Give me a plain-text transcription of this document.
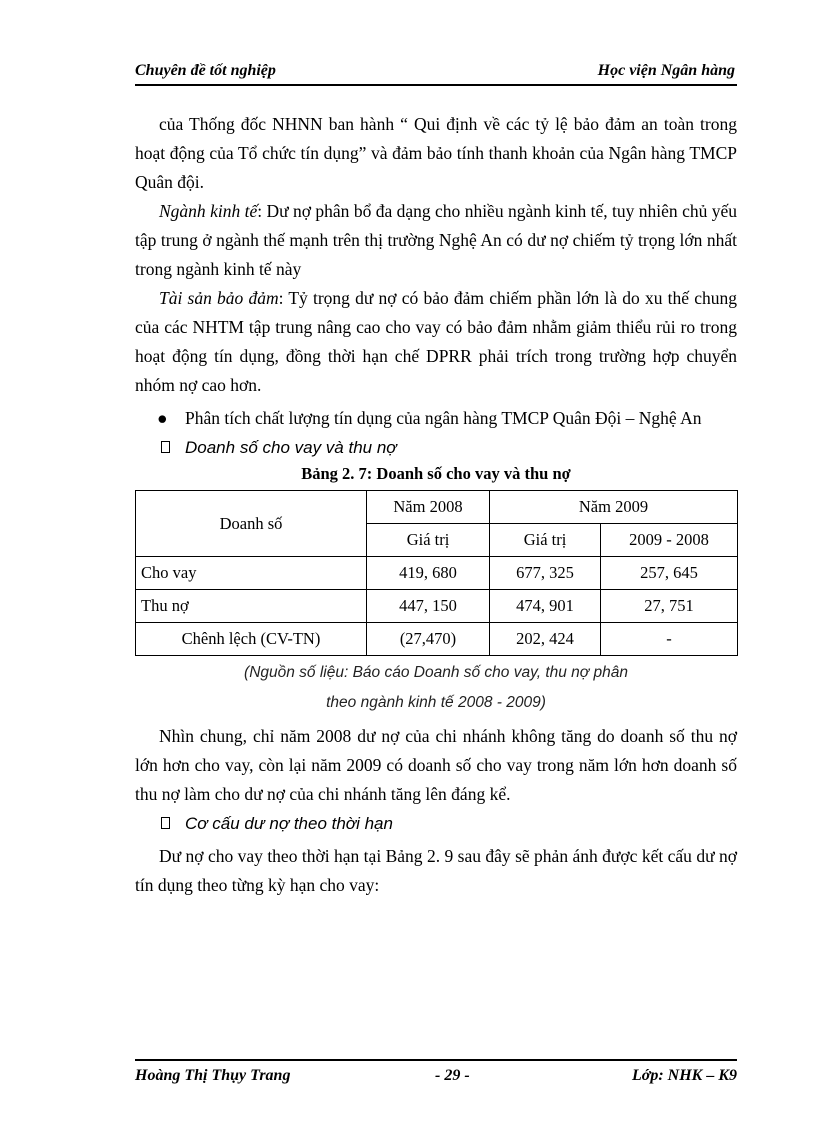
Chuyên đề tốt nghiệp	Học viện Ngân hàng

của Thống đốc NHNN ban hành “ Qui định về các tỷ lệ bảo đảm an toàn trong hoạt động của Tổ chức tín dụng” và đảm bảo tính thanh khoản của Ngân hàng TMCP Quân đội.

Ngành kinh tế: Dư nợ phân bổ đa dạng cho nhiều ngành kinh tế, tuy nhiên chủ yếu tập trung ở ngành thế mạnh trên thị trường Nghệ An có dư nợ chiếm tỷ trọng lớn nhất trong ngành kinh tế này

Tài sản bảo đảm: Tỷ trọng dư nợ có bảo đảm chiếm phần lớn là do xu thế chung của các NHTM tập trung nâng cao cho vay có bảo đảm nhằm giảm thiểu rủi ro trong hoạt động tín dụng, đồng thời hạn chế DPRR phải trích trong trường hợp chuyển nhóm nợ cao hơn.

● Phân tích chất lượng tín dụng của ngân hàng TMCP Quân Đội – Nghệ An

Doanh số cho vay và thu nợ

Bảng 2. 7: Doanh số cho vay và thu nợ

Doanh số	Năm 2008	Năm 2009	
	Giá trị	Giá trị	2009 - 2008
Cho vay	419, 680	677, 325	257, 645
Thu nợ	447, 150	474, 901	27, 751
Chênh lệch (CV-TN)	(27,470)	202, 424	-

(Nguồn số liệu: Báo cáo Doanh số cho vay, thu nợ phân

theo ngành kinh tế 2008 - 2009)

Nhìn chung, chỉ năm 2008 dư nợ của chi nhánh không tăng do doanh số thu nợ lớn hơn cho vay, còn lại năm 2009 có doanh số cho vay trong năm lớn hơn doanh số thu nợ làm cho dư nợ của chi nhánh tăng lên đáng kể.

Cơ cấu dư nợ theo thời hạn

Dư nợ cho vay theo thời hạn tại Bảng 2. 9 sau đây sẽ phản ánh được kết cấu dư nợ tín dụng theo từng kỳ hạn cho vay:

Hoàng Thị Thụy Trang	- 29 -	Lớp: NHK – K9
